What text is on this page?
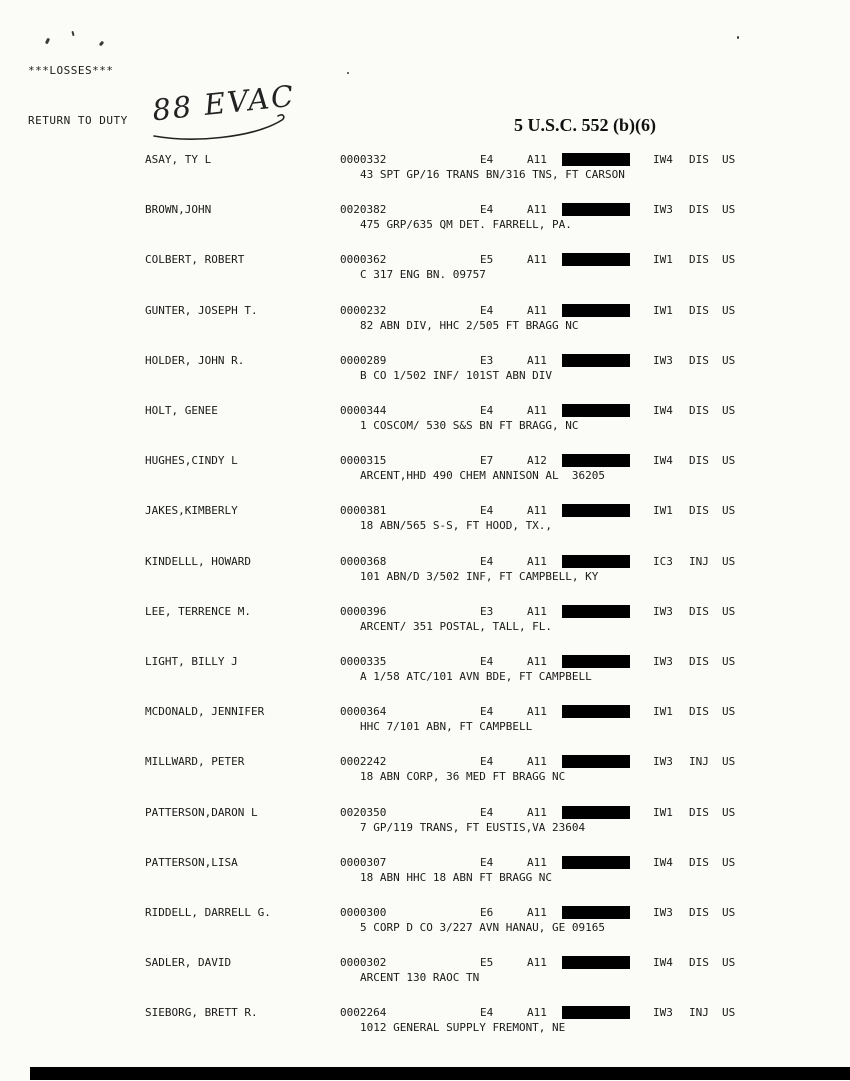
***LOSSES***
RETURN TO DUTY 88 EVAC	5 U.S.C. 552 (b)(6)
ASAY, TY L	0000332	E4	A11	IW4 DIS US
43 SPT GP/16 TRANS BN/316 TNS, FT CARSON
BROWN,JOHN	0020382	E4	A11	IW3 DIS US
475 GRP/635 QM DET. FARRELL, PA.
COLBERT, ROBERT	0000362	E5	A11	IW1 DIS US
C 317 ENG BN. 09757
GUNTER, JOSEPH T.	0000232	E4	A11	IW1 DIS US
82 ABN DIV, HHC 2/505 FT BRAGG NC
HOLDER, JOHN R.	0000289	E3	A11	IW3 DIS US
B CO 1/502 INF/ 101ST ABN DIV
HOLT, GENEE	0000344	E4	A11	IW4 DIS US
1 COSCOM/ 530 S&S BN FT BRAGG, NC
HUGHES,CINDY L	0000315	E7	A12	IW4 DIS US
ARCENT,HHD 490 CHEM ANNISON AL  36205
JAKES,KIMBERLY	0000381	E4	A11	IW1 DIS US
18 ABN/565 S-S, FT HOOD, TX.,
KINDELLL, HOWARD	0000368	E4	A11	IC3 INJ US
101 ABN/D 3/502 INF, FT CAMPBELL, KY
LEE, TERRENCE M.	0000396	E3	A11	IW3 DIS US
ARCENT/ 351 POSTAL, TALL, FL.
LIGHT, BILLY J	0000335	E4	A11	IW3 DIS US
A 1/58 ATC/101 AVN BDE, FT CAMPBELL
MCDONALD, JENNIFER	0000364	E4	A11	IW1 DIS US
HHC 7/101 ABN, FT CAMPBELL
MILLWARD, PETER	0002242	E4	A11	IW3 INJ US
18 ABN CORP, 36 MED FT BRAGG NC
PATTERSON,DARON L	0020350	E4	A11	IW1 DIS US
7 GP/119 TRANS, FT EUSTIS,VA 23604
PATTERSON,LISA	0000307	E4	A11	IW4 DIS US
18 ABN HHC 18 ABN FT BRAGG NC
RIDDELL, DARRELL G.	0000300	E6	A11	IW3 DIS US
5 CORP D CO 3/227 AVN HANAU, GE 09165
SADLER, DAVID	0000302	E5	A11	IW4 DIS US
ARCENT 130 RAOC TN
SIEBORG, BRETT R.	0002264	E4	A11	IW3 INJ US
1012 GENERAL SUPPLY FREMONT, NE
